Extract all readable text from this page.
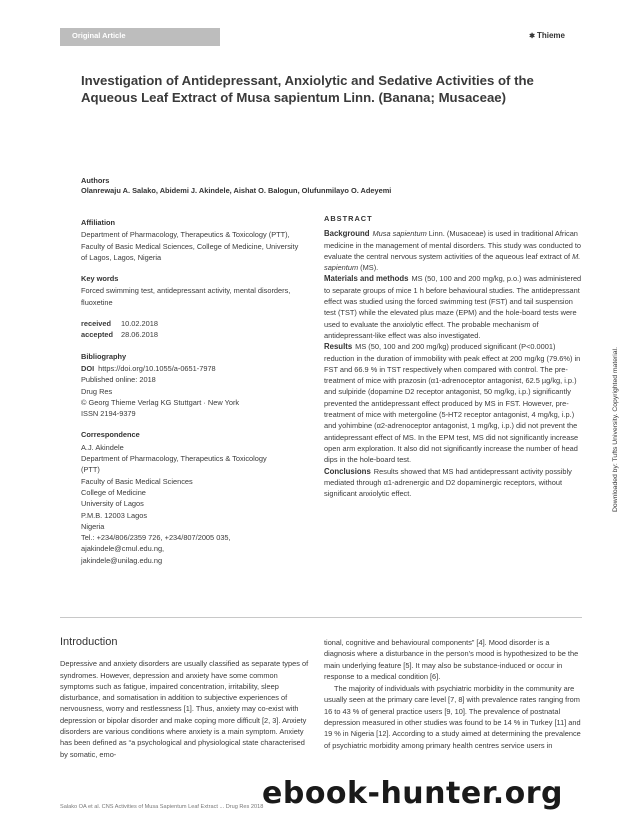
Original Article	✱ Thieme
Investigation of Antidepressant, Anxiolytic and Sedative Activities of the Aqueous Leaf Extract of Musa sapientum Linn. (Banana; Musaceae)
Authors
Olanrewaju A. Salako, Abidemi J. Akindele, Aishat O. Balogun, Olufunmilayo O. Adeyemi
Affiliation
Department of Pharmacology, Therapeutics & Toxicology (PTT), Faculty of Basic Medical Sciences, College of Medicine, University of Lagos, Lagos, Nigeria
Key words
Forced swimming test, antidepressant activity, mental disorders, fluoxetine
received	10.02.2018
accepted	28.06.2018
Bibliography
DOI https://doi.org/10.1055/a-0651-7978
Published online: 2018
Drug Res
© Georg Thieme Verlag KG Stuttgart · New York
ISSN 2194-9379
Correspondence
A.J. Akindele
Department of Pharmacology, Therapeutics & Toxicology
(PTT)
Faculty of Basic Medical Sciences
College of Medicine
University of Lagos
P.M.B. 12003 Lagos
Nigeria
Tel.: +234/806/2359 726, +234/807/2005 035,
ajakindele@cmul.edu.ng,
jakindele@unilag.edu.ng
ABSTRACT

Background Musa sapientum Linn. (Musaceae) is used in traditional African medicine in the management of mental disorders. This study was conducted to evaluate the central nervous system activities of the aqueous leaf extract of M. sapientum (MS).

Materials and methods MS (50, 100 and 200 mg/kg, p.o.) was administered to separate groups of mice 1 h before behavioural studies. The antidepressant effect was studied using the forced swimming test (FST) and tail suspension test (TST) while the elevated plus maze (EPM) and the hole-board tests were used to evaluate the anxiolytic effect. The probable mechanism of antidepressant-like effect was also investigated.

Results MS (50, 100 and 200 mg/kg) produced significant (P<0.0001) reduction in the duration of immobility with peak effect at 200 mg/kg (79.6%) in FST and 66.9 % in TST respectively when compared with control. The pre-treatment of mice with prazosin (α1-adrenoceptor antagonist, 62.5 µg/kg, i.p.) and sulpiride (dopamine D2 receptor antagonist, 50 mg/kg, i.p.) significantly prevented the antidepressant effect produced by MS in FST. However, pre-treatment of mice with metergoline (5-HT2 receptor antagonist, 4 mg/kg, i.p.) and yohimbine (α2-adrenoceptor antagonist, 1 mg/kg, i.p.) did not prevent the antidepressant effect of MS. In the EPM test, MS did not significantly increase open arm exploration. It also did not significantly increase the number of head dips in the hole-board test.

Conclusions Results showed that MS had antidepressant activity possibly mediated through α1-adrenergic and D2 dopaminergic receptors, without significant anxiolytic effect.

Introduction

Depressive and anxiety disorders are usually classified as separate types of syndromes. However, depression and anxiety have some common symptoms such as fatigue, impaired concentration, irritability, sleep disturbance, and somatisation in addition to subjective experiences of nervousness, worry and restlessness [1]. Thus, anxiety may co-exist with depression or bipolar disorder and make coping more difficult [2, 3]. Anxiety disorders are various conditions where anxiety is a main symptom. Anxiety has been defined as “a psychological and physiological state characterised by somatic, emo-

tional, cognitive and behavioural components” [4]. Mood disorder is a diagnosis where a disturbance in the person’s mood is hypothesized to be the main underlying feature [5]. It may also be substance-induced or occur in response to a medical condition [6].

The majority of individuals with psychiatric morbidity in the community are usually seen at the primary care level [7, 8] with prevalence rates ranging from 16 to 43 % of general practice users [9, 10]. The prevalence of postnatal depression measured in other studies was found to be 14 % in Turkey [11] and 19 % in Nigeria [12]. According to a study aimed at determining the prevalence of psychiatric morbidity among primary health centres service users in

Downloaded by: Tufts University. Copyrighted material.
Salako OA et al. CNS Activities of Musa Sapientum Leaf Extract ... Drug Res 2018
ebook-hunter.org
